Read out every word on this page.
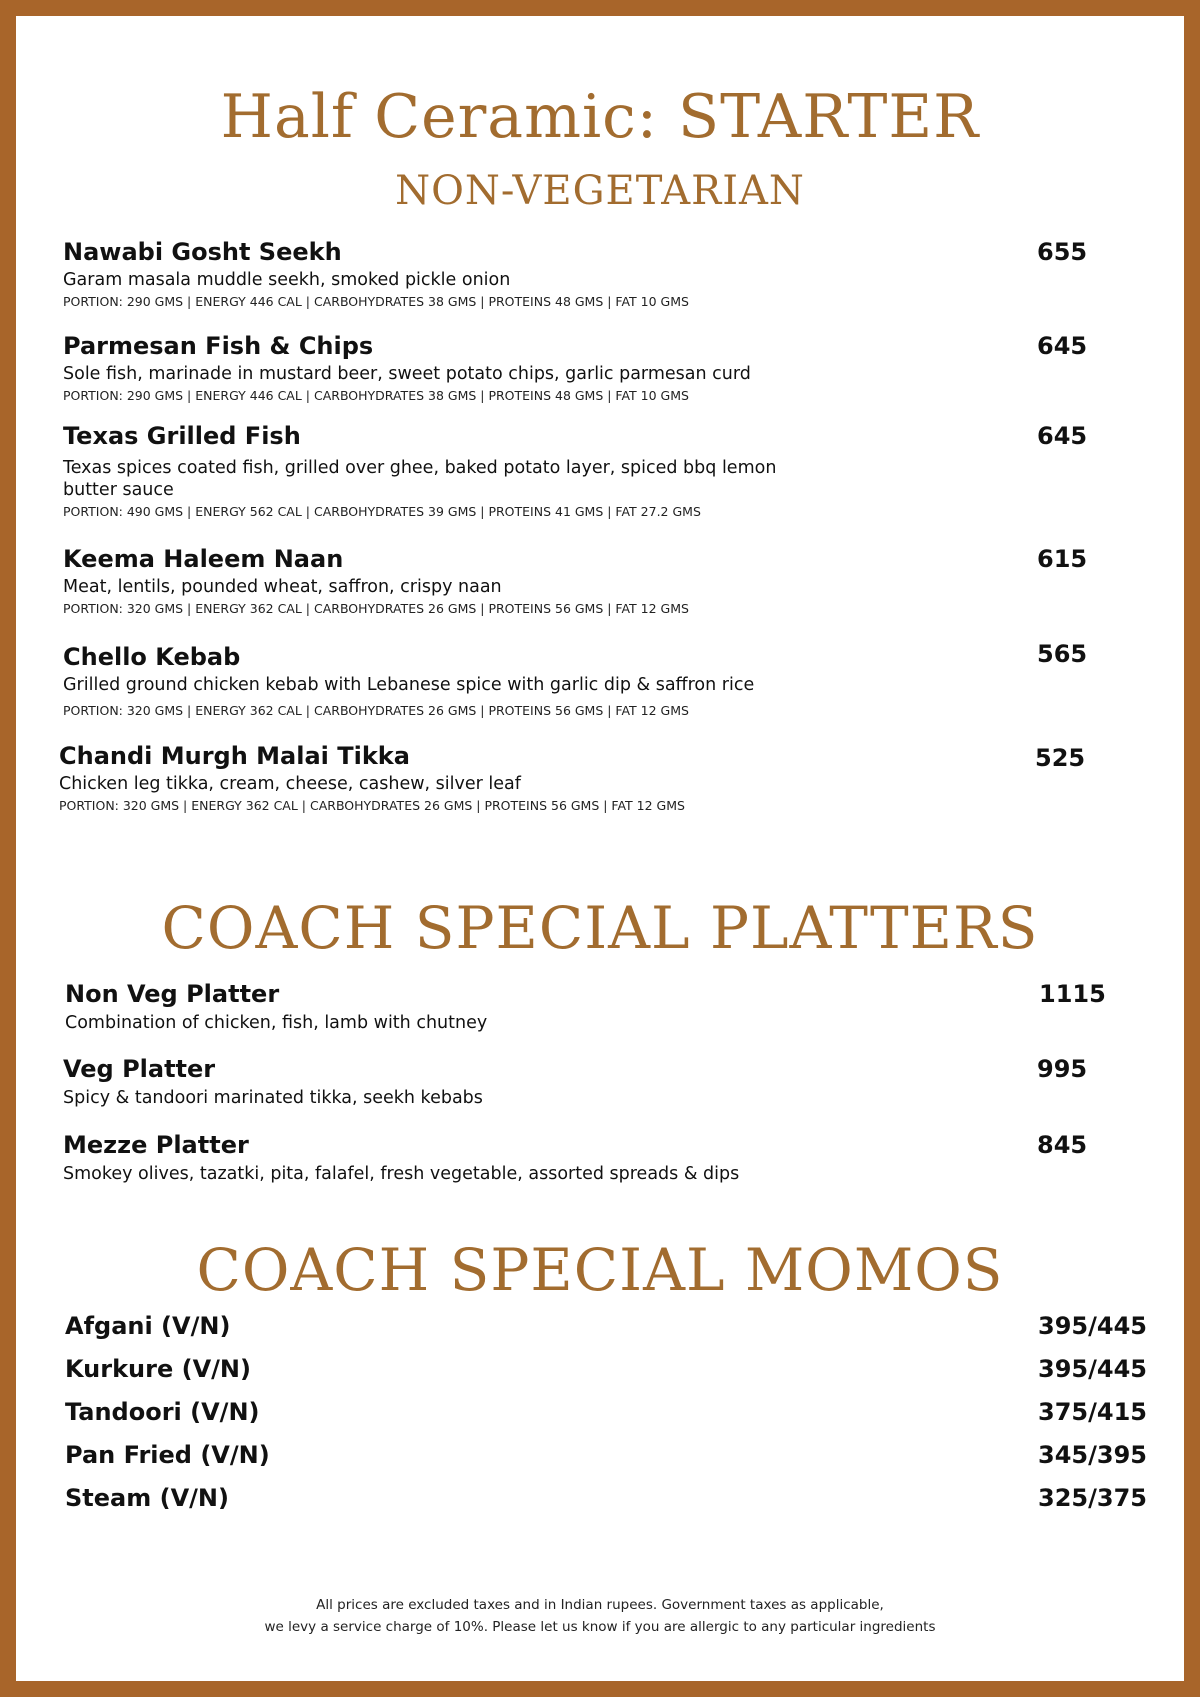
Half Ceramic: STARTER
NON-VEGETARIAN
Nawabi Gosht Seekh	655
Garam masala muddle seekh, smoked pickle onion
PORTION: 290 GMS | ENERGY 446 CAL | CARBOHYDRATES 38 GMS | PROTEINS 48 GMS | FAT 10 GMS
Parmesan Fish & Chips	645
Sole fish, marinade in mustard beer, sweet potato chips, garlic parmesan curd
PORTION: 290 GMS | ENERGY 446 CAL | CARBOHYDRATES 38 GMS | PROTEINS 48 GMS | FAT 10 GMS
Texas Grilled Fish	645
Texas spices coated fish, grilled over ghee, baked potato layer, spiced bbq lemon butter sauce
PORTION: 490 GMS | ENERGY 562 CAL | CARBOHYDRATES 39 GMS | PROTEINS 41 GMS | FAT 27.2 GMS
Keema Haleem Naan	615
Meat, lentils, pounded wheat, saffron, crispy naan
PORTION: 320 GMS | ENERGY 362 CAL | CARBOHYDRATES 26 GMS | PROTEINS 56 GMS | FAT 12 GMS
Chello Kebab	565
Grilled ground chicken kebab with Lebanese spice with garlic dip & saffron rice
PORTION: 320 GMS | ENERGY 362 CAL | CARBOHYDRATES 26 GMS | PROTEINS 56 GMS | FAT 12 GMS
Chandi Murgh Malai Tikka	525
Chicken leg tikka, cream, cheese, cashew, silver leaf
PORTION: 320 GMS | ENERGY 362 CAL | CARBOHYDRATES 26 GMS | PROTEINS 56 GMS | FAT 12 GMS
COACH SPECIAL PLATTERS
Non Veg Platter	1115
Combination of chicken, fish, lamb with chutney
Veg Platter	995
Spicy & tandoori marinated tikka, seekh kebabs
Mezze Platter	845
Smokey olives, tazatki, pita, falafel, fresh vegetable, assorted spreads & dips
COACH SPECIAL MOMOS
Afgani (V/N)	395/445
Kurkure (V/N)	395/445
Tandoori (V/N)	375/415
Pan Fried (V/N)	345/395
Steam (V/N)	325/375
All prices are excluded taxes and in Indian rupees. Government taxes as applicable,
we levy a service charge of 10%. Please let us know if you are allergic to any particular ingredients
